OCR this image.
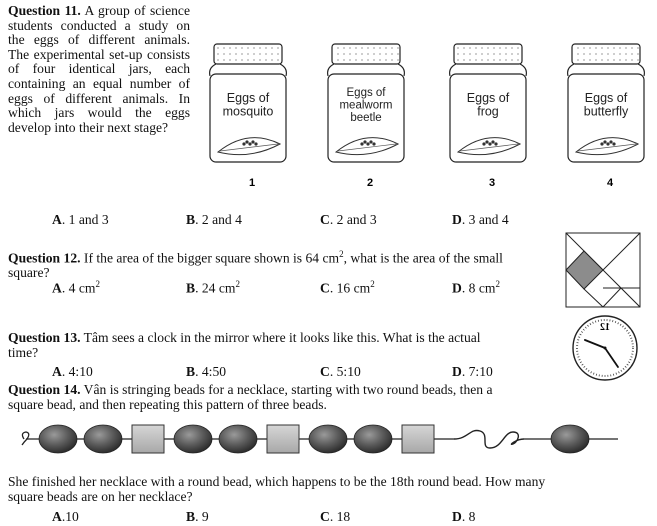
Question 11. A group of science students conducted a study on the eggs of different animals. The experimental set-up consists of four identical jars, each containing an equal number of eggs of different animals. In which jars would the eggs develop into their next stage?
Eggs of
mosquito
1
Eggs of
mealworm
beetle
2
Eggs of
frog
3
Eggs of
butterfly
4
A. 1 and 3	B. 2 and 4	C. 2 and 3	D. 3 and 4
Question 12. If the area of the bigger square shown is 64 $cm^2$, what is the area of the small
square?
A. 4 $cm^2$	B. 24 $cm^2$	C. 16 $cm^2$	D. 8 $cm^2$
Question 13. Tâm sees a clock in the mirror where it looks like this. What is the actual
time?
A. 4:10	B. 4:50	C. 5:10	D. 7:10
12
Question 14. Vân is stringing beads for a necklace, starting with two round beads, then a
square bead, and then repeating this pattern of three beads.
She finished her necklace with a round bead, which happens to be the 18th round bead. How many
square beads are on her necklace?
A.10	B. 9	C. 18	D. 8
